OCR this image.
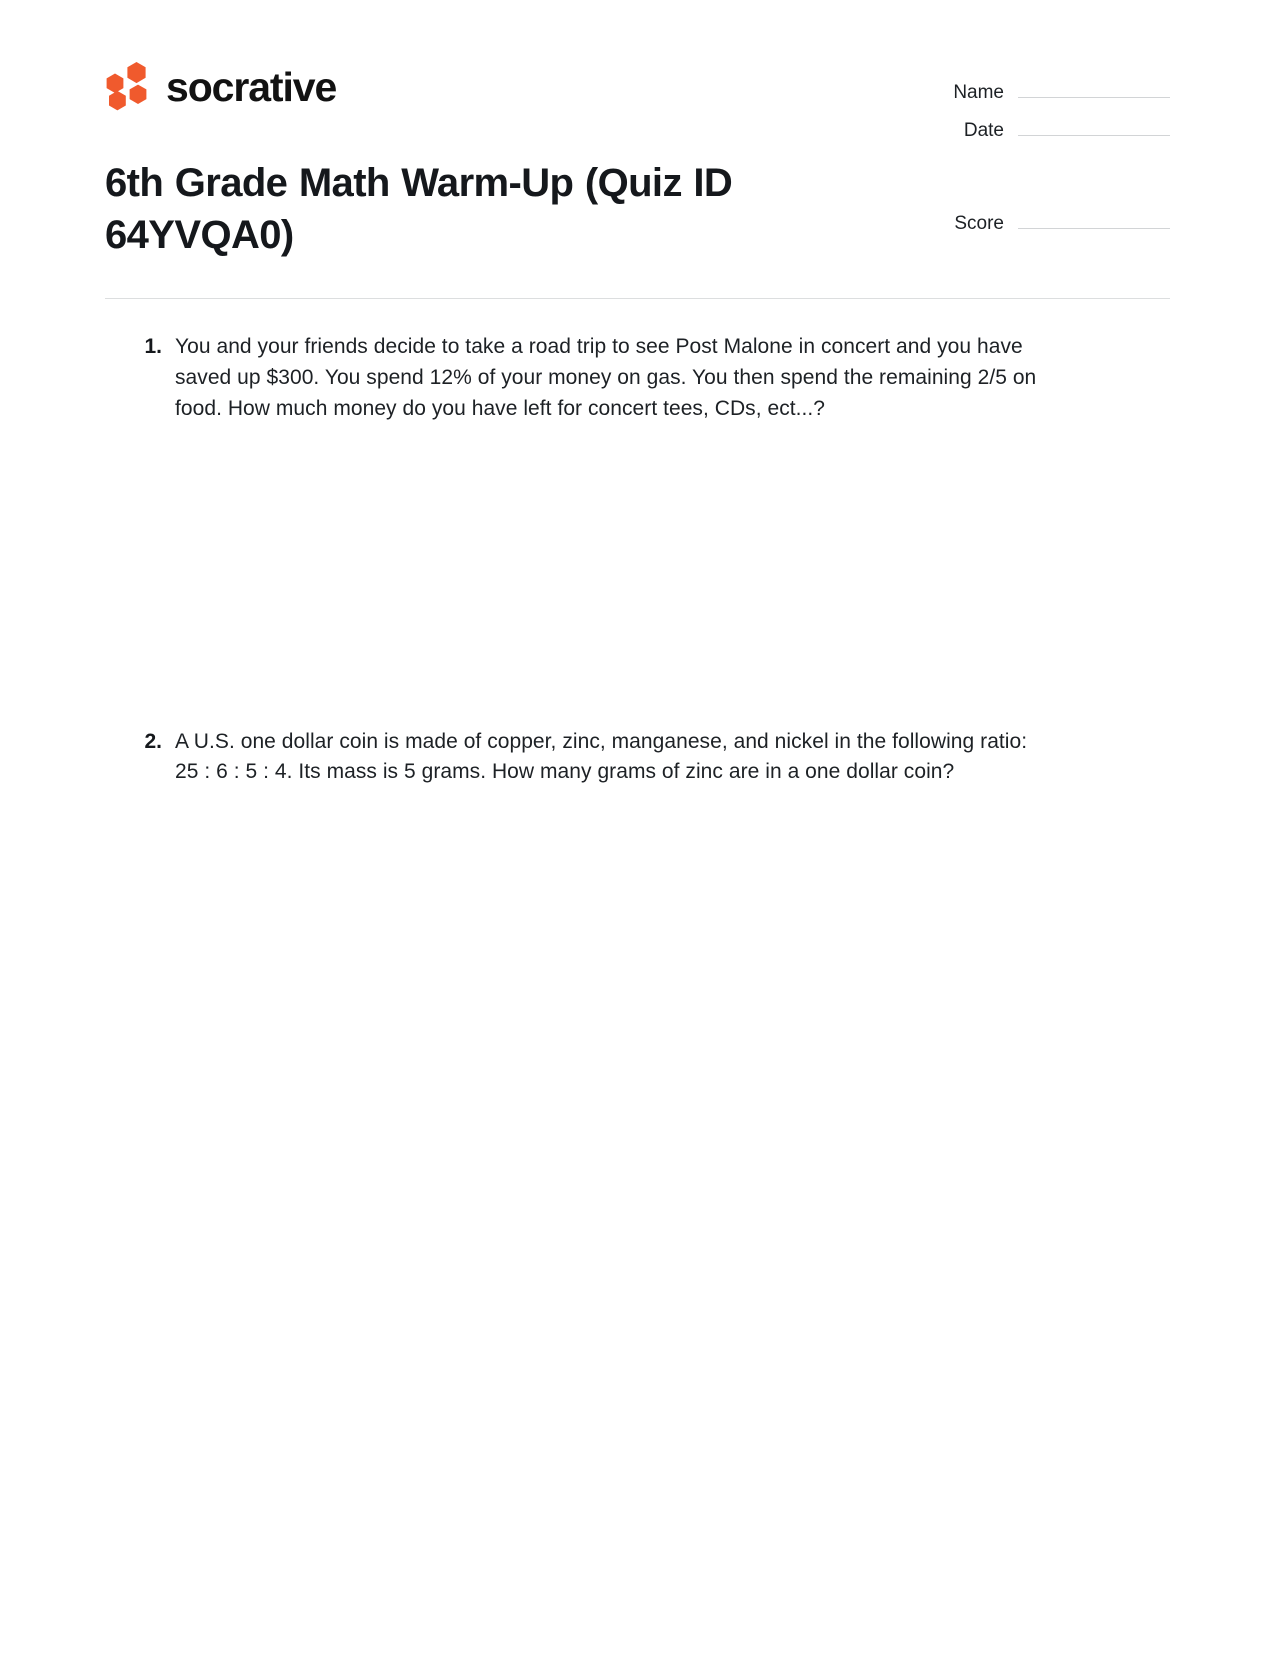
socrative
6th Grade Math Warm-Up (Quiz ID 64YVQA0)
Name
Date
Score
1. You and your friends decide to take a road trip to see Post Malone in concert and you have saved up $300. You spend 12% of your money on gas. You then spend the remaining 2/5 on food. How much money do you have left for concert tees, CDs, ect...?
2. A U.S. one dollar coin is made of copper, zinc, manganese, and nickel in the following ratio: 25 : 6 : 5 : 4. Its mass is 5 grams. How many grams of zinc are in a one dollar coin?
